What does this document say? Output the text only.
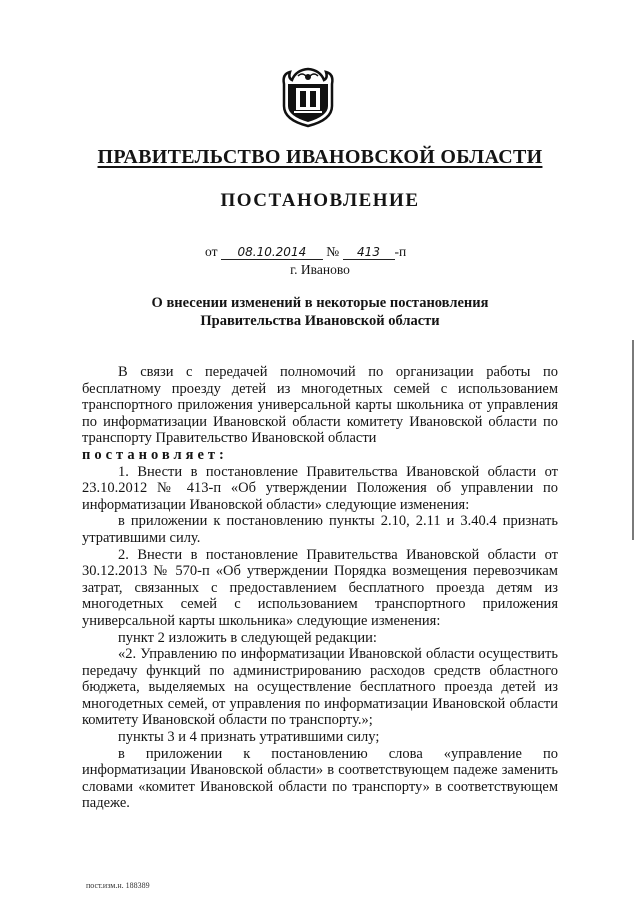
ПРАВИТЕЛЬСТВО ИВАНОВСКОЙ ОБЛАСТИ
ПОСТАНОВЛЕНИЕ
от 08.10.2014 № 413 -п
г. Иваново
О внесении изменений в некоторые постановления
Правительства Ивановской области

В связи с передачей полномочий по организации работы по бесплатному проезду детей из многодетных семей с использованием транспортного приложения универсальной карты школьника от управления по информатизации Ивановской области комитету Ивановской области по транспорту Правительство Ивановской области

постановляет:

1. Внести в постановление Правительства Ивановской области от 23.10.2012 № 413-п «Об утверждении Положения об управлении по информатизации Ивановской области» следующие изменения:

в приложении к постановлению пункты 2.10, 2.11 и 3.40.4 признать утратившими силу.

2. Внести в постановление Правительства Ивановской области от 30.12.2013 № 570-п «Об утверждении Порядка возмещения перевозчикам затрат, связанных с предоставлением бесплатного проезда детям из многодетных семей с использованием транспортного приложения универсальной карты школьника» следующие изменения:

пункт 2 изложить в следующей редакции:

«2. Управлению по информатизации Ивановской области осуществить передачу функций по администрированию расходов средств областного бюджета, выделяемых на осуществление бесплатного проезда детей из многодетных семей, от управления по информатизации Ивановской области комитету Ивановской области по транспорту.»;

пункты 3 и 4 признать утратившими силу;

в приложении к постановлению слова «управление по информатизации Ивановской области» в соответствующем падеже заменить словами «комитет Ивановской области по транспорту» в соответствующем падеже.

пост.изм.н. 188389
